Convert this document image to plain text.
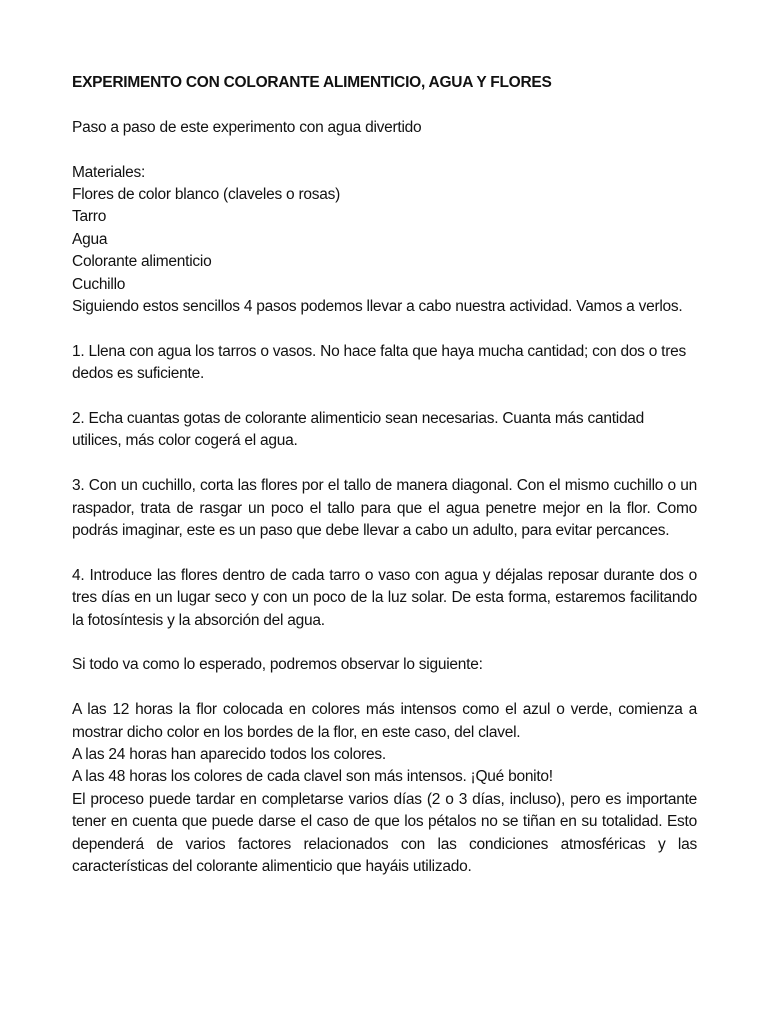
EXPERIMENTO CON COLORANTE ALIMENTICIO, AGUA Y FLORES

Paso a paso de este experimento con agua divertido

Materiales:

Flores de color blanco (claveles o rosas)
Tarro
Agua
Colorante alimenticio
Cuchillo

Siguiendo estos sencillos 4 pasos podemos llevar a cabo nuestra actividad. Vamos a verlos.

1. Llena con agua los tarros o vasos. No hace falta que haya mucha cantidad; con dos o tres dedos es suficiente.

2. Echa cuantas gotas de colorante alimenticio sean necesarias. Cuanta más cantidad utilices, más color cogerá el agua.

3. Con un cuchillo, corta las flores por el tallo de manera diagonal. Con el mismo cuchillo o un raspador, trata de rasgar un poco el tallo para que el agua penetre mejor en la flor. Como podrás imaginar, este es un paso que debe llevar a cabo un adulto, para evitar percances.

4. Introduce las flores dentro de cada tarro o vaso con agua y déjalas reposar durante dos o tres días en un lugar seco y con un poco de la luz solar. De esta forma, estaremos facilitando la fotosíntesis y la absorción del agua.

Si todo va como lo esperado, podremos observar lo siguiente:

A las 12 horas la flor colocada en colores más intensos como el azul o verde, comienza a mostrar dicho color en los bordes de la flor, en este caso, del clavel.

A las 24 horas han aparecido todos los colores.

A las 48 horas los colores de cada clavel son más intensos. ¡Qué bonito!

El proceso puede tardar en completarse varios días (2 o 3 días, incluso), pero es importante tener en cuenta que puede darse el caso de que los pétalos no se tiñan en su totalidad. Esto dependerá de varios factores relacionados con las condiciones atmosféricas y las características del colorante alimenticio que hayáis utilizado.
